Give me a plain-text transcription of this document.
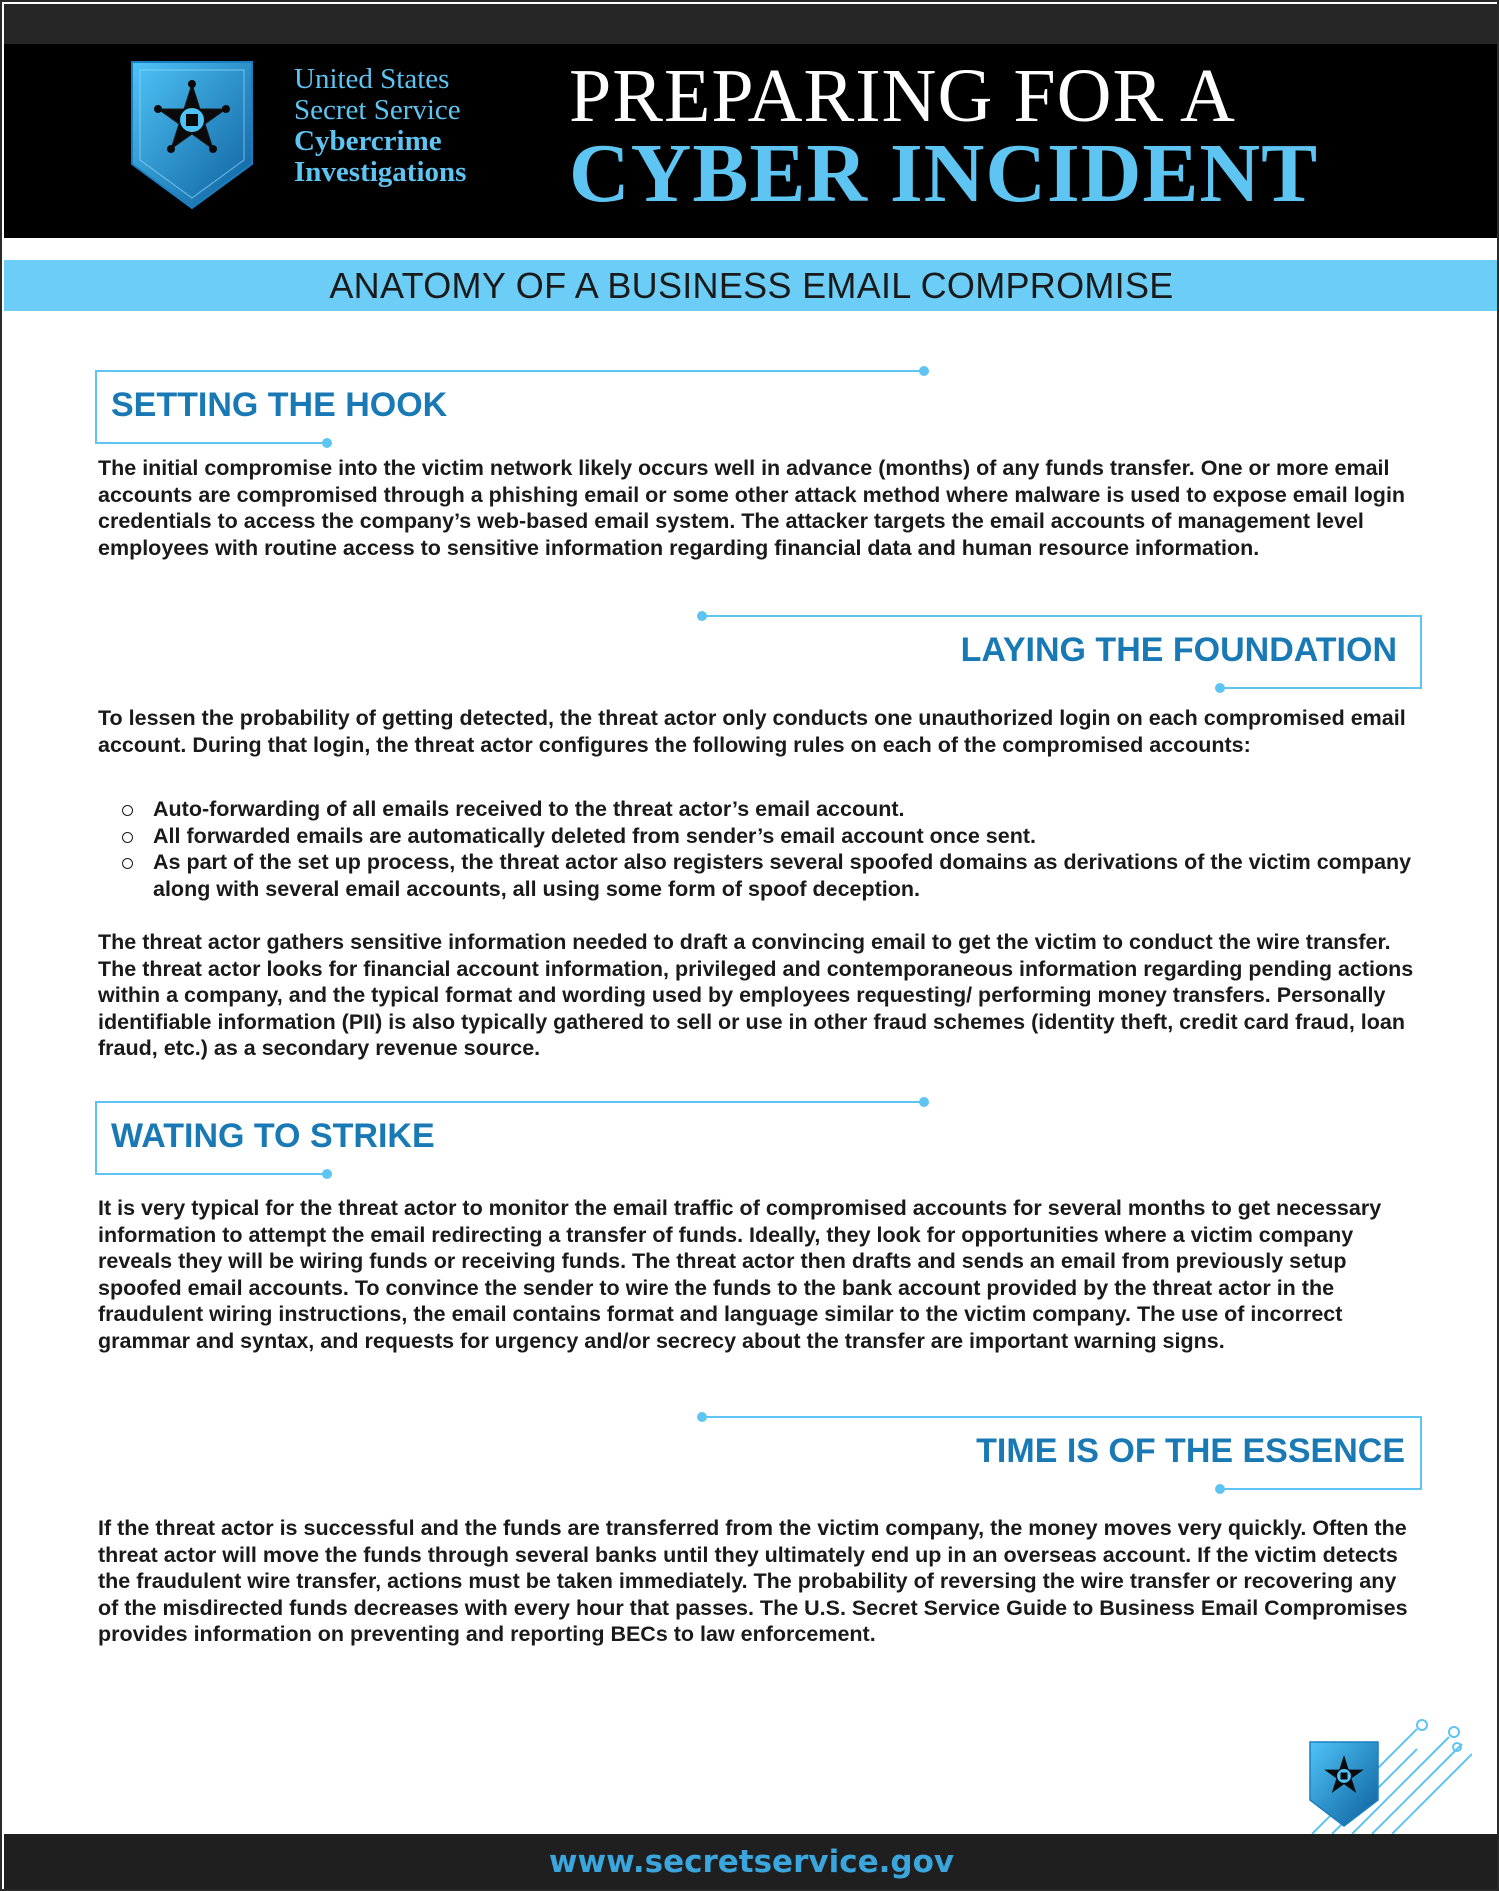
United States
Secret Service
Cybercrime
Investigations
PREPARING FOR A
CYBER INCIDENT
ANATOMY OF A BUSINESS EMAIL COMPROMISE
SETTING THE HOOK
The initial compromise into the victim network likely occurs well in advance (months) of any funds transfer. One or more email accounts are compromised through a phishing email or some other attack method where malware is used to expose email login credentials to access the company’s web-based email system. The attacker targets the email accounts of management level employees with routine access to sensitive information regarding financial data and human resource information.
LAYING THE FOUNDATION
To lessen the probability of getting detected, the threat actor only conducts one unauthorized login on each compromised email account. During that login, the threat actor configures the following rules on each of the compromised accounts:
Auto-forwarding of all emails received to the threat actor’s email account.
All forwarded emails are automatically deleted from sender’s email account once sent.
As part of the set up process, the threat actor also registers several spoofed domains as derivations of the victim company along with several email accounts, all using some form of spoof deception.
The threat actor gathers sensitive information needed to draft a convincing email to get the victim to conduct the wire transfer. The threat actor looks for financial account information, privileged and contemporaneous information regarding pending actions within a company, and the typical format and wording used by employees requesting/ performing money transfers. Personally identifiable information (PII) is also typically gathered to sell or use in other fraud schemes (identity theft, credit card fraud, loan fraud, etc.) as a secondary revenue source.
WATING TO STRIKE
It is very typical for the threat actor to monitor the email traffic of compromised accounts for several months to get necessary information to attempt the email redirecting a transfer of funds. Ideally, they look for opportunities where a victim company reveals they will be wiring funds or receiving funds. The threat actor then drafts and sends an email from previously setup spoofed email accounts. To convince the sender to wire the funds to the bank account provided by the threat actor in the fraudulent wiring instructions, the email contains format and language similar to the victim company. The use of incorrect grammar and syntax, and requests for urgency and/or secrecy about the transfer are important warning signs.
TIME IS OF THE ESSENCE
If the threat actor is successful and the funds are transferred from the victim company, the money moves very quickly. Often the threat actor will move the funds through several banks until they ultimately end up in an overseas account. If the victim detects the fraudulent wire transfer, actions must be taken immediately. The probability of reversing the wire transfer or recovering any of the misdirected funds decreases with every hour that passes. The U.S. Secret Service Guide to Business Email Compromises provides information on preventing and reporting BECs to law enforcement.
www.secretservice.gov
